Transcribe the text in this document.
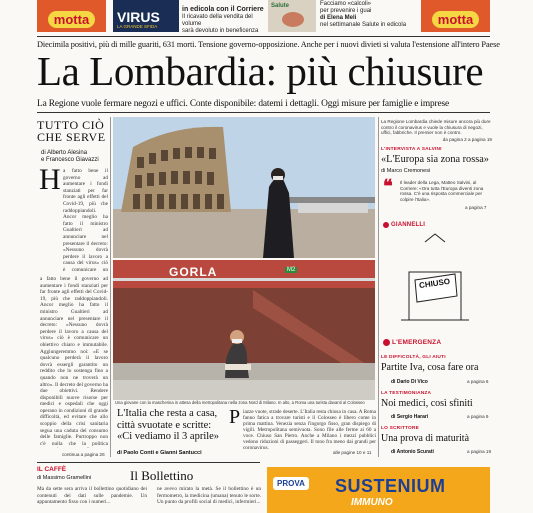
motta	VIRUS
LA GRANDE SFIDA
in edicola con il Corriere
Il ricavato della vendita del volume
sarà devoluto in beneficenza
Salute	Facciamo «calcoli»
per prevenire i guai
di Elena Meli
nel settimanale Salute in edicola	motta
Diecimila positivi, più di mille guariti, 631 morti. Tensione governo-opposizione. Anche per i nuovi divieti si valuta l'estensione all'intero Paese
La Lombardia: più chiusure
La Regione vuole fermare negozi e uffici. Conte disponibile: datemi i dettagli. Oggi misure per famiglie e imprese
TUTTO CIÒ CHE SERVE
di Alberto Alesina
e Francesco Giavazzi
H a fatto bene il governo ad aumentare i fondi stanziati per far fronte agli effetti del Covid-19, più che raddoppiandoli. Ancor meglio ha fatto il ministro Gualtieri ad annunciare nel presentare il decreto: «Nessuno dovrà perdere il lavoro a causa del virus» ciò è comunicare un
a fatto bene il governo ad aumentare i fondi stanziati per far fronte agli effetti del Covid-19, più che raddoppiandoli. Ancor meglio ha fatto il ministro Gualtieri ad annunciare nel presentare il decreto: «Nessuno dovrà perdere il lavoro a causa del virus» ciò è comunicare un obiettivo chiaro e immutabile. Aggiungeremmo noi: «E se qualcuno perderà il lavoro dovrà essergli garantito un reddito che lo sostenga fino a quando non ne troverà un altro». Il decreto del governo ha due obiettivi. Rendere disponibili nuove risorse per medici e ospedali che oggi operano in condizioni di grande difficoltà, ed evitare che allo scoppio della crisi sanitaria segua una caduta del consumo delle famiglie. Purtroppo non c'è nulla che la politica
continua a pagina 26
GORLA	M2
Una giovane con la mascherina in attesa della metropolitana nella zona Nord di Milano. In alto, a Roma una turista davanti al Colosseo
L'Italia che resta a casa, città svuotate e scritte: «Ci vediamo il 3 aprile»
di Paolo Conti e Gianni Santucci
P iazze vuote, strade deserte. L'Italia resta chiusa in casa. A Roma fanno fatica a trovare turisti e il Colosseo è libero come in prima mattina. Venezia senza l'ingorgo fisso, gran dispiego di vigili. Metropolitana semivuota. Sono file alle ferme ai 60 a voce. Chiuso San Pietro. Anche a Milano i mezzi pubblici vedono riduzioni di passeggeri. Il tono fra meno dai grandi per coronavirus.
alle pagine 10 e 11
La Regione Lombardia chiede misure ancora più dure contro il coronavirus e vuole la chiusura di negozi, uffici, fabbriche. Il premier non è contro.
da pagina 2 a pagina 19
L'INTERVISTA A SALVINI
«L'Europa sia zona rossa»
di Marco Cremonesi
❝ Il leader della Lega, Matteo Salvini, al Corriere: «Ora tutta l'Europa diventi zona rossa. C'è una risposta commerciale per colpire l'Italia».
a pagina 7
GIANNELLI
CHIUSO
L'EMERGENZA
LE DIFFICOLTÀ, GLI AIUTI
Partite Iva, cosa fare ora
di Dario Di Vico	a pagina 6
LA TESTIMONIANZA
Noi medici, così sfiniti
di Sergio Harari	a pagina 9
LO SCRITTORE
Una prova di maturità
di Antonio Scurati	a pagina 19
IL CAFFÈ
di Massimo Gramellini	Il Bollettino
Ma da sette sera arriva il bollettino quotidiano dei contenuti dei dati sulle pandemie. Un appuntamento fisso con i numeri...
ne avevo mirato la metà. Se il bollettino è un fermometro, la medicina (umana) tenuto le sorte. Un punto da profili social di medici, infermieri...
PROVA SUSTENIUM
IMMUNO
